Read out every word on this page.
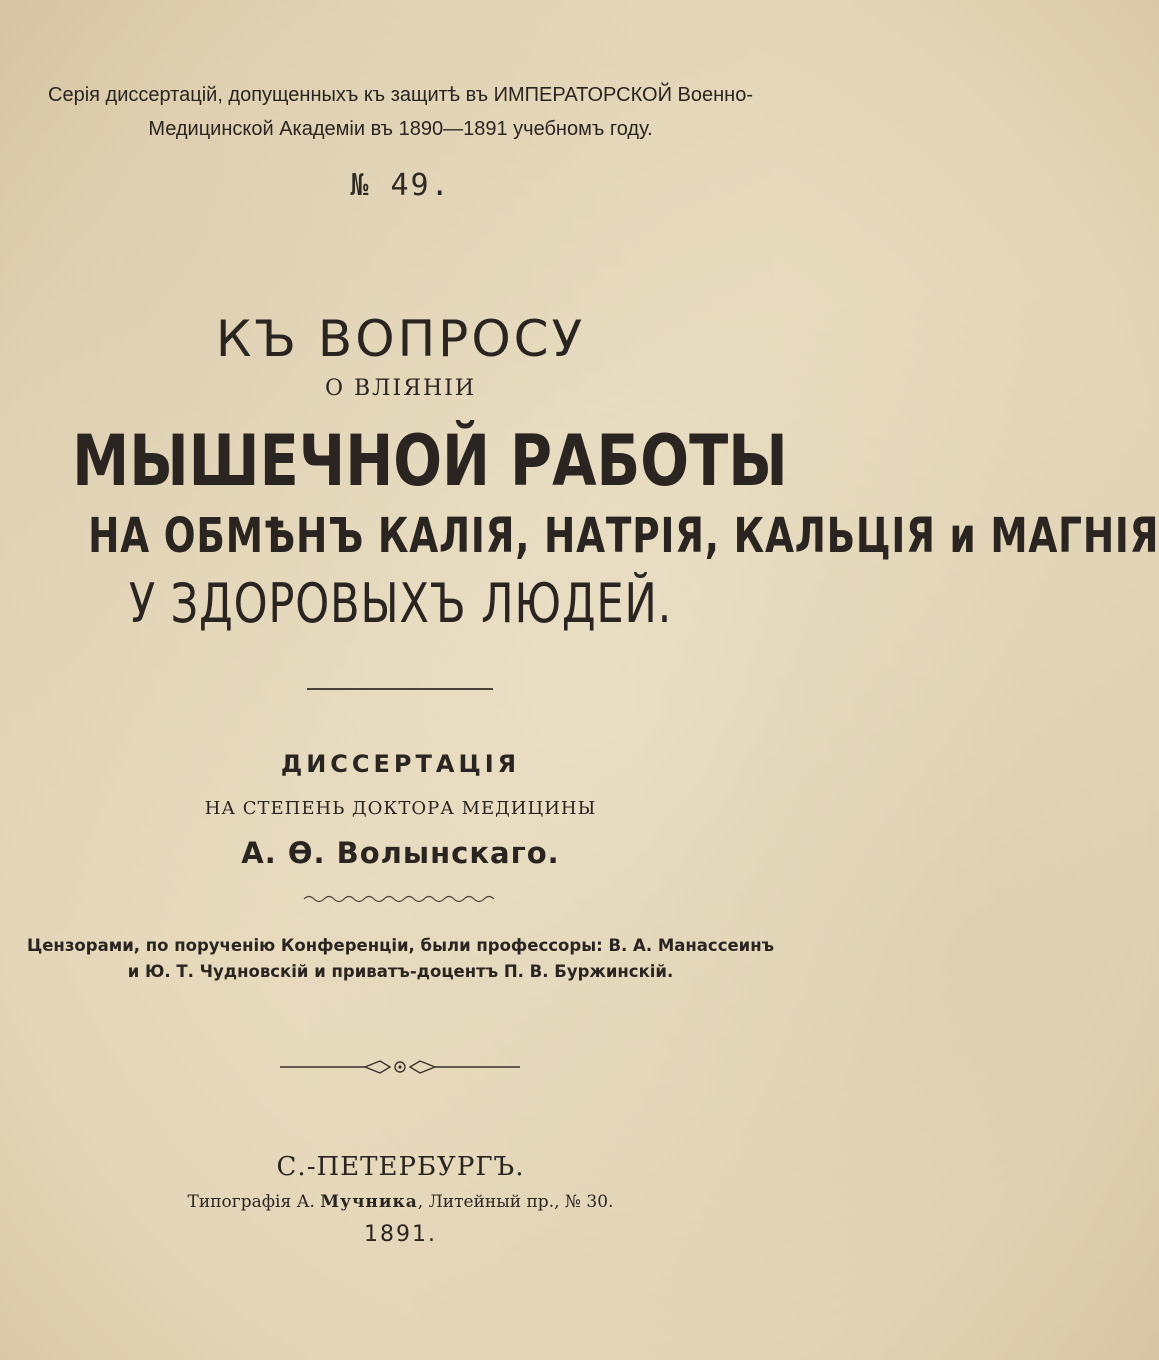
Серія диссертацій, допущенныхъ къ защитѣ въ ИМПЕРАТОРСКОЙ Военно-
Медицинской Академіи въ 1890—1891 учебномъ году.
№ 49.
КЪ ВОПРОСУ
О ВЛІЯНІИ
МЫШЕЧНОЙ РАБОТЫ
НА ОБМѢНЪ КАЛІЯ, НАТРІЯ, КАЛЬЦІЯ и МАГНІЯ
У ЗДОРОВЫХЪ ЛЮДЕЙ.
ДИССЕРТАЦІЯ
НА СТЕПЕНЬ ДОКТОРА МЕДИЦИНЫ
А. Ѳ. Волынскаго.
Цензорами, по порученію Конференціи, были профессоры: В. А. Манассеинъ
и Ю. Т. Чудновскій и приватъ-доцентъ П. В. Буржинскій.
С.-ПЕТЕРБУРГЪ.
Типографія А. Мучника, Литейный пр., № 30.
1891.
